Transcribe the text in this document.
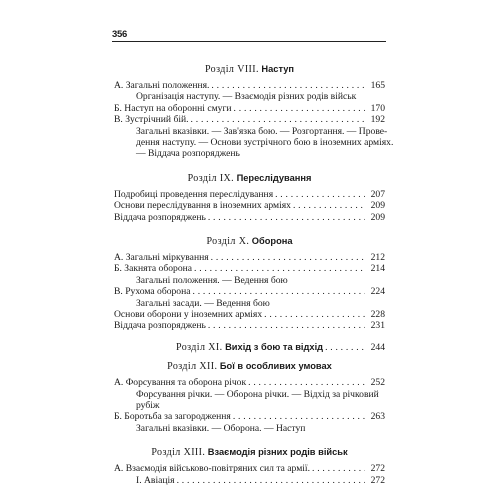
356
Розділ VIII. Наступ
А. Загальні положення. . . .	165
Організація наступу. — Взаємодія різних родів військ
Б. Наступ на оборонні смуги . . .	170
В. Зустрічний бій. . . .	192
Загальні вказівки. — Зав'язка бою. — Розгортання. — Прове-
дення наступу. — Основи зустрічного бою в іноземних арміях.
— Віддача розпоряджень
Розділ IX. Переслідування
Подробиці проведення переслідування . . .	207
Основи переслідування в іноземних арміях . . .	209
Віддача розпоряджень . . .	209
Розділ X. Оборона
А. Загальні міркування . . .	212
Б. Закнята оборона . . .	214
Загальні положення. — Ведення бою
В. Рухома оборона . . .	224
Загальні засади. — Ведення бою
Основи оборони у іноземних арміях . . .	228
Віддача розпоряджень . . .	231
Розділ XI. Вихід з бою та відхід . . .	244
Розділ XII. Бої в особливих умовах
А. Форсування та оборона річок . . .	252
Форсування річки. — Оборона річки. — Відхід за річковий
рубіж
Б. Боротьба за загородження . . .	263
Загальні вказівки. — Оборона. — Наступ
Розділ XIII. Взаємодія різних родів військ
А. Взаємодія військово-повітряних сил та армії. . . .	272
І. Авіація . . .	272
